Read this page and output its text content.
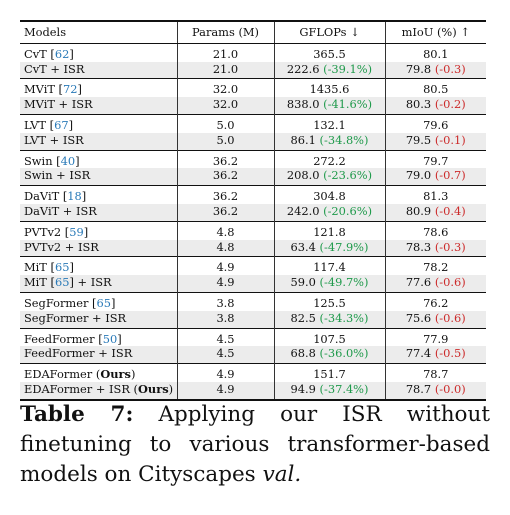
Models	Params (M)	GFLOPs ↓	mIoU (%) ↑
CvT [62]	21.0	365.5	80.1
CvT + ISR	21.0	222.6 (-39.1%)	79.8 (-0.3)
MViT [72]	32.0	1435.6	80.5
MViT + ISR	32.0	838.0 (-41.6%)	80.3 (-0.2)
LVT [67]	5.0	132.1	79.6
LVT + ISR	5.0	86.1 (-34.8%)	79.5 (-0.1)
Swin [40]	36.2	272.2	79.7
Swin + ISR	36.2	208.0 (-23.6%)	79.0 (-0.7)
DaViT [18]	36.2	304.8	81.3
DaViT + ISR	36.2	242.0 (-20.6%)	80.9 (-0.4)
PVTv2 [59]	4.8	121.8	78.6
PVTv2 + ISR	4.8	63.4 (-47.9%)	78.3 (-0.3)
MiT [65]	4.9	117.4	78.2
MiT [65] + ISR	4.9	59.0 (-49.7%)	77.6 (-0.6)
SegFormer [65]	3.8	125.5	76.2
SegFormer + ISR	3.8	82.5 (-34.3%)	75.6 (-0.6)
FeedFormer [50]	4.5	107.5	77.9
FeedFormer + ISR	4.5	68.8 (-36.0%)	77.4 (-0.5)
EDAFormer (Ours)	4.9	151.7	78.7
EDAFormer + ISR (Ours)	4.9	94.9 (-37.4%)	78.7 (-0.0)
Table 7: Applying our ISR without finetuning to various transformer-based models on Cityscapes val.
